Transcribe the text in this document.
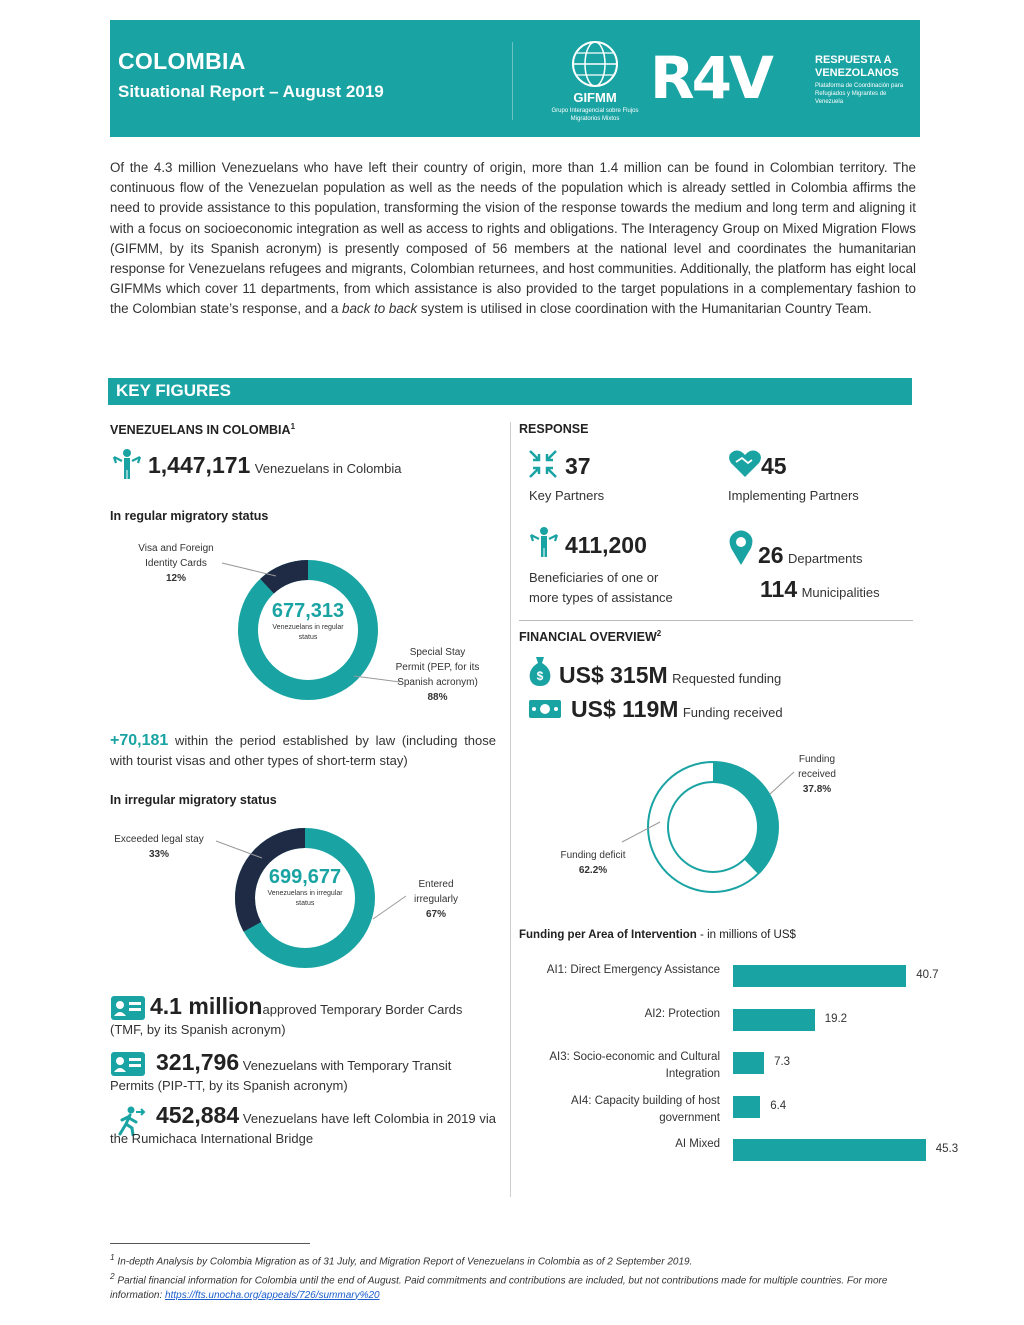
COLOMBIA
Situational Report – August 2019	GIFMM
Grupo Interagencial sobre Flujos Migratorios Mixtos
R4V	RESPUESTA A
VENEZOLANOS
Plataforma de Coordinación para Refugiados y Migrantes de Venezuela
Of the 4.3 million Venezuelans who have left their country of origin, more than 1.4 million can be found in Colombian territory. The continuous flow of the Venezuelan population as well as the needs of the population which is already settled in Colombia affirms the need to provide assistance to this population, transforming the vision of the response towards the medium and long term and aligning it with a focus on socioeconomic integration as well as access to rights and obligations. The Interagency Group on Mixed Migration Flows (GIFMM, by its Spanish acronym) is presently composed of 56 members at the national level and coordinates the humanitarian response for Venezuelans refugees and migrants, Colombian returnees, and host communities. Additionally, the platform has eight local GIFMMs which cover 11 departments, from which assistance is also provided to the target populations in a complementary fashion to the Colombian state’s response, and a back to back system is utilised in close coordination with the Humanitarian Country Team.
KEY FIGURES
VENEZUELANS IN COLOMBIA$^1$
1,447,171 Venezuelans in Colombia
In regular migratory status
677,313
Venezuelans in regular status
Visa and Foreign Identity Cards
12%
Special Stay Permit (PEP, for its Spanish acronym)
88%
+70,181 within the period established by law (including those with tourist visas and other types of short-term stay)
In irregular migratory status
699,677
Venezuelans in irregular status
Exceeded legal stay
33%
Entered irregularly
67%
4.1 millionapproved Temporary Border Cards (TMF, by its Spanish acronym)
321,796 Venezuelans with Temporary Transit Permits (PIP-TT, by its Spanish acronym)
452,884 Venezuelans have left Colombia in 2019 via the Rumichaca International Bridge
RESPONSE
37
Key Partners
45
Implementing Partners
411,200
Beneficiaries of one or
more types of assistance
26 Departments
114 Municipalities
FINANCIAL OVERVIEW$^2$
$ US$ 315M Requested funding
US$ 119M Funding received
Funding received
37.8%
Funding deficit
62.2%
Funding per Area of Intervention - in millions of US$
AI1: Direct Emergency Assistance	40.7
AI2: Protection	19.2
AI3: Socio-economic and Cultural Integration
7.3
AI4: Capacity building of host government
6.4
AI Mixed	45.3
$^1$ In-depth Analysis by Colombia Migration as of 31 July, and Migration Report of Venezuelans in Colombia as of 2 September 2019.
$^2$ Partial financial information for Colombia until the end of August. Paid commitments and contributions are included, but not contributions made for multiple countries. For more information: https://fts.unocha.org/appeals/726/summary%20
